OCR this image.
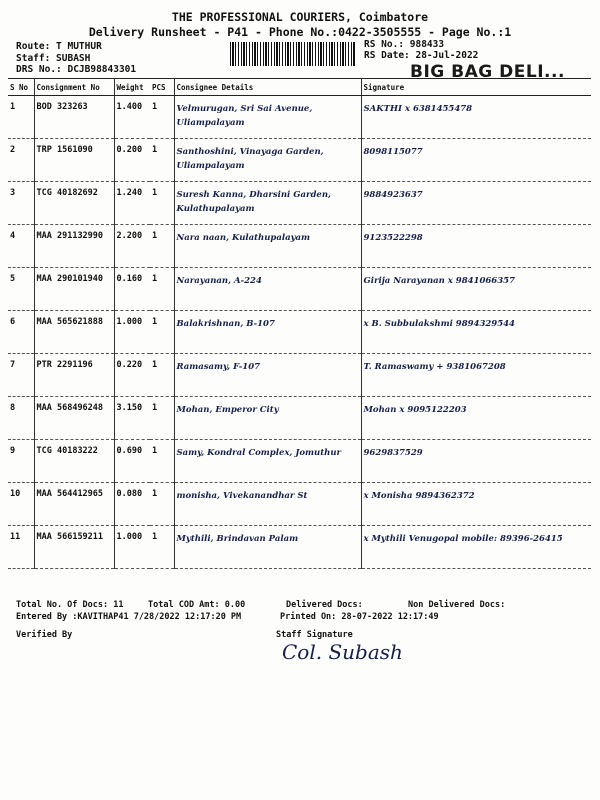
THE PROFESSIONAL COURIERS, Coimbatore
Delivery Runsheet - P41 - Phone No.:0422-3505555 - Page No.:1
Route: T MUTHUR
Staff: SUBASH
DRS No.: DCJB98843301
RS No.: 988433
RS Date: 28-Jul-2022
BIG BAG DELI...
S No	Consignment No	Weight	PCS	Consignee Details	Signature
1	BOD 323263	1.400	1	Velmurugan, Sri Sai Avenue, Uliampalayam	SAKTHI x 6381455478
2	TRP 1561090	0.200	1	Santhoshini, Vinayaga Garden, Uliampalayam	8098115077
3	TCG 40182692	1.240	1	Suresh Kanna, Dharsini Garden, Kulathupalayam	9884923637
4	MAA 291132990	2.200	1	Nara naan, Kulathupalayam	9123522298
5	MAA 290101940	0.160	1	Narayanan, A-224	Girija Narayanan x 9841066357
6	MAA 565621888	1.000	1	Balakrishnan, B-107	x B. Subbulakshmi 9894329544
7	PTR 2291196	0.220	1	Ramasamy, F-107	T. Ramaswamy + 9381067208
8	MAA 568496248	3.150	1	Mohan, Emperor City	Mohan x 9095122203
9	TCG 40183222	0.690	1	Samy, Kondral Complex, Jomuthur	9629837529
10	MAA 564412965	0.080	1	monisha, Vivekanandhar St	x Monisha 9894362372
11	MAA 566159211	1.000	1	Mythili, Brindavan Palam	x Mythili Venugopal mobile: 89396-26415
Total No. Of Docs: 11	Total COD Amt: 0.00	Delivered Docs:	Non Delivered Docs:
Entered By :KAVITHAP41 7/28/2022 12:17:20 PM	Printed On: 28-07-2022 12:17:49
Verified By	Staff Signature
Col. Subash
